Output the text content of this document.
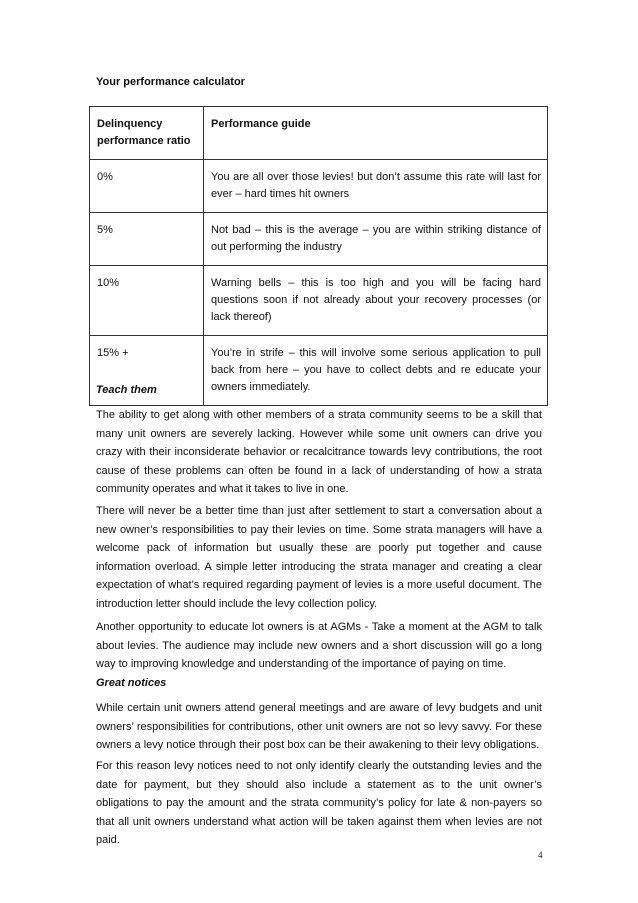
Your performance calculator
Delinquency performance ratio	Performance guide
0%	You are all over those levies! but don’t assume this rate will last for ever – hard times hit owners
5%	Not bad – this is the average – you are within striking distance of out performing the industry
10%	Warning bells – this is too high and you will be facing hard questions soon if not already about your recovery processes (or lack thereof)
15% +	You’re in strife – this will involve some serious application to pull back from here – you have to collect debts and re educate your owners immediately.
Teach them

The ability to get along with other members of a strata community seems to be a skill that many unit owners are severely lacking. However while some unit owners can drive you crazy with their inconsiderate behavior or recalcitrance towards levy contributions, the root cause of these problems can often be found in a lack of understanding of how a strata community operates and what it takes to live in one.

There will never be a better time than just after settlement to start a conversation about a new owner’s responsibilities to pay their levies on time. Some strata managers will have a welcome pack of information but usually these are poorly put together and cause information overload. A simple letter introducing the strata manager and creating a clear expectation of what’s required regarding payment of levies is a more useful document. The introduction letter should include the levy collection policy.

Another opportunity to educate lot owners is at AGMs - Take a moment at the AGM to talk about levies. The audience may include new owners and a short discussion will go a long way to improving knowledge and understanding of the importance of paying on time.

Great notices

While certain unit owners attend general meetings and are aware of levy budgets and unit owners’ responsibilities for contributions, other unit owners are not so levy savvy. For these owners a levy notice through their post box can be their awakening to their levy obligations.

For this reason levy notices need to not only identify clearly the outstanding levies and the date for payment, but they should also include a statement as to the unit owner’s obligations to pay the amount and the strata community’s policy for late & non-payers so that all unit owners understand what action will be taken against them when levies are not paid.

4
